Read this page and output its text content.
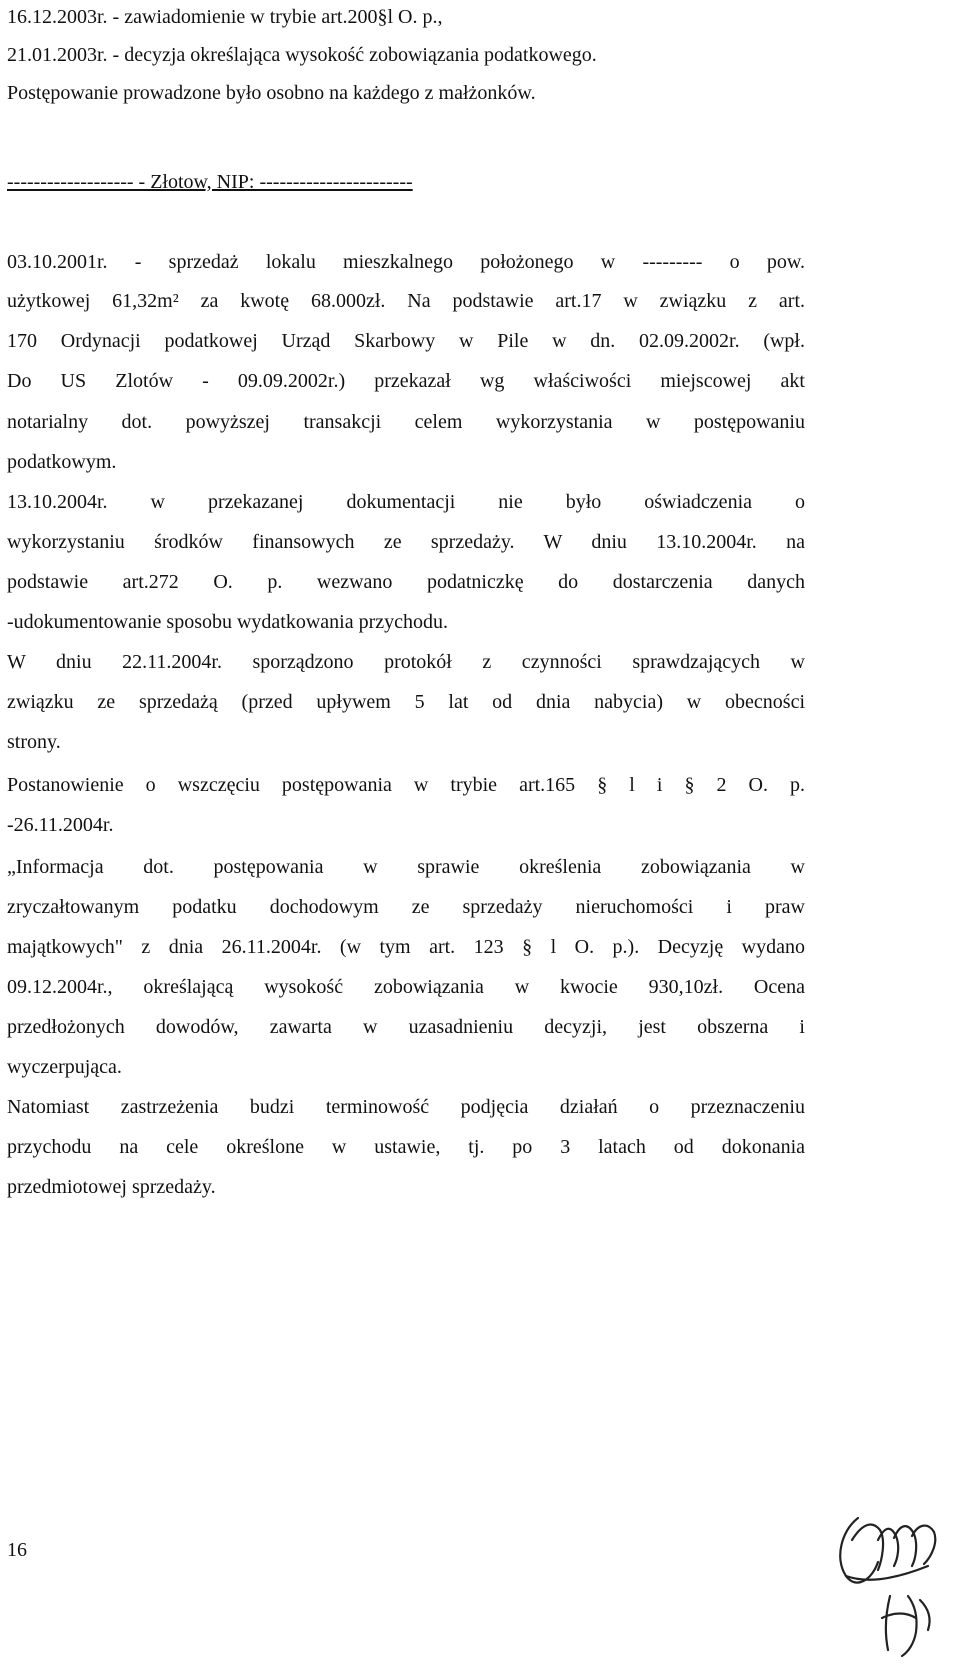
16.12.2003r. - zawiadomienie w trybie art.200§l O. p.,
21.01.2003r. - decyzja określająca wysokość zobowiązania podatkowego.
Postępowanie prowadzone było osobno na każdego z małżonków.
------------------- - Złotow, NIP: -----------------------
03.10.2001r. - sprzedaż lokalu mieszkalnego położonego w --------- o pow.
użytkowej 61,32m² za kwotę 68.000zł. Na podstawie art.17 w związku z art.
170 Ordynacji podatkowej Urząd Skarbowy w Pile w dn. 02.09.2002r. (wpł.
Do US Zlotów - 09.09.2002r.) przekazał wg właściwości miejscowej akt
notarialny dot. powyższej transakcji celem wykorzystania w postępowaniu
podatkowym.
13.10.2004r. w przekazanej dokumentacji nie było oświadczenia o
wykorzystaniu środków finansowych ze sprzedaży. W dniu 13.10.2004r. na
podstawie art.272 O. p. wezwano podatniczkę do dostarczenia danych
-udokumentowanie sposobu wydatkowania przychodu.
W dniu 22.11.2004r. sporządzono protokół z czynności sprawdzających w
związku ze sprzedażą (przed upływem 5 lat od dnia nabycia) w obecności
strony.
Postanowienie o wszczęciu postępowania w trybie art.165 § l i § 2 O. p.
-26.11.2004r.
„Informacja dot. postępowania w sprawie określenia zobowiązania w
zryczałtowanym podatku dochodowym ze sprzedaży nieruchomości i praw
majątkowych" z dnia 26.11.2004r. (w tym art. 123 § l O. p.). Decyzję wydano
09.12.2004r., określającą wysokość zobowiązania w kwocie 930,10zł. Ocena
przedłożonych dowodów, zawarta w uzasadnieniu decyzji, jest obszerna i
wyczerpująca.
Natomiast zastrzeżenia budzi terminowość podjęcia działań o przeznaczeniu
przychodu na cele określone w ustawie, tj. po 3 latach od dokonania
przedmiotowej sprzedaży.
16
